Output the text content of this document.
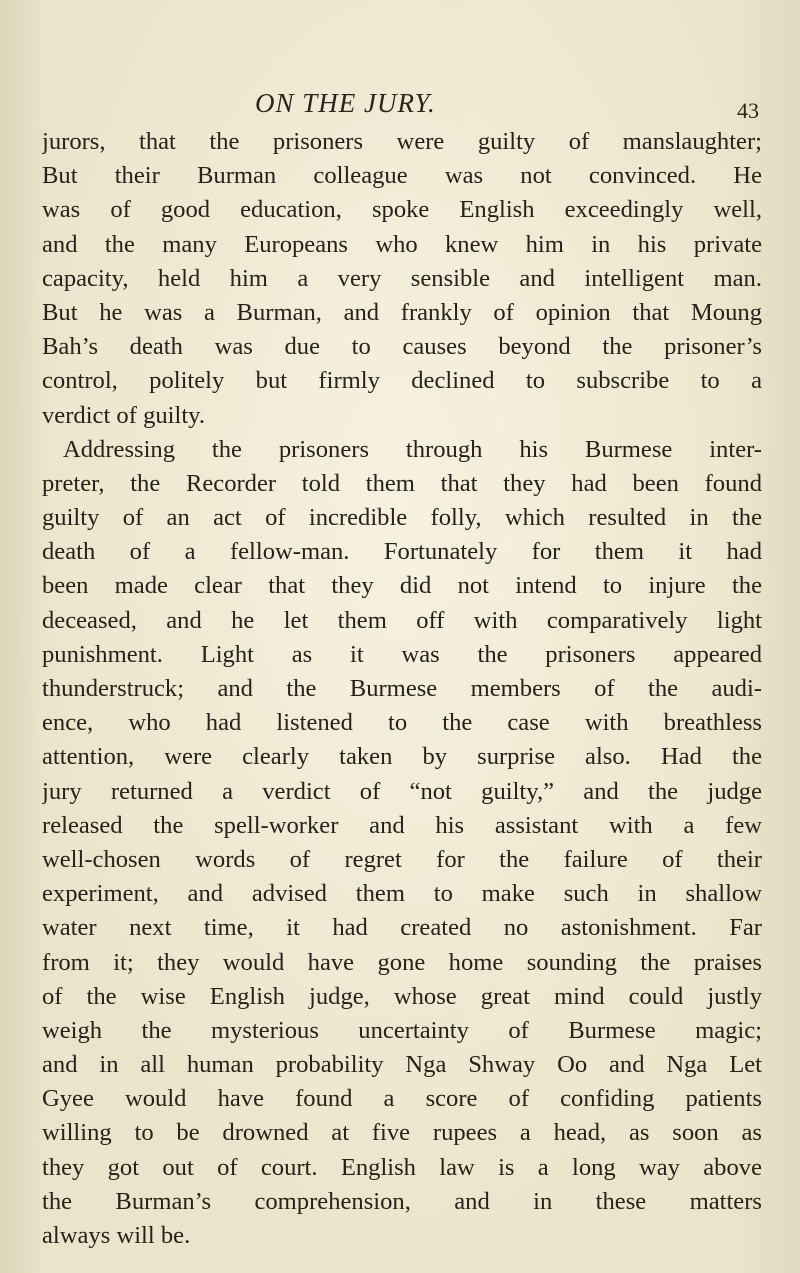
ON THE JURY.	43
jurors, that the prisoners were guilty of manslaughter;
But their Burman colleague was not convinced. He
was of good education, spoke English exceedingly well,
and the many Europeans who knew him in his private
capacity, held him a very sensible and intelligent man.
But he was a Burman, and frankly of opinion that Moung
Bah’s death was due to causes beyond the prisoner’s
control, politely but firmly declined to subscribe to a
verdict of guilty.
Addressing the prisoners through his Burmese inter-
preter, the Recorder told them that they had been found
guilty of an act of incredible folly, which resulted in the
death of a fellow-man. Fortunately for them it had
been made clear that they did not intend to injure the
deceased, and he let them off with comparatively light
punishment. Light as it was the prisoners appeared
thunderstruck; and the Burmese members of the audi-
ence, who had listened to the case with breathless
attention, were clearly taken by surprise also. Had the
jury returned a verdict of “not guilty,” and the judge
released the spell-worker and his assistant with a few
well-chosen words of regret for the failure of their
experiment, and advised them to make such in shallow
water next time, it had created no astonishment. Far
from it; they would have gone home sounding the praises
of the wise English judge, whose great mind could justly
weigh the mysterious uncertainty of Burmese magic;
and in all human probability Nga Shway Oo and Nga Let
Gyee would have found a score of confiding patients
willing to be drowned at five rupees a head, as soon as
they got out of court. English law is a long way above
the Burman’s comprehension, and in these matters
always will be.
